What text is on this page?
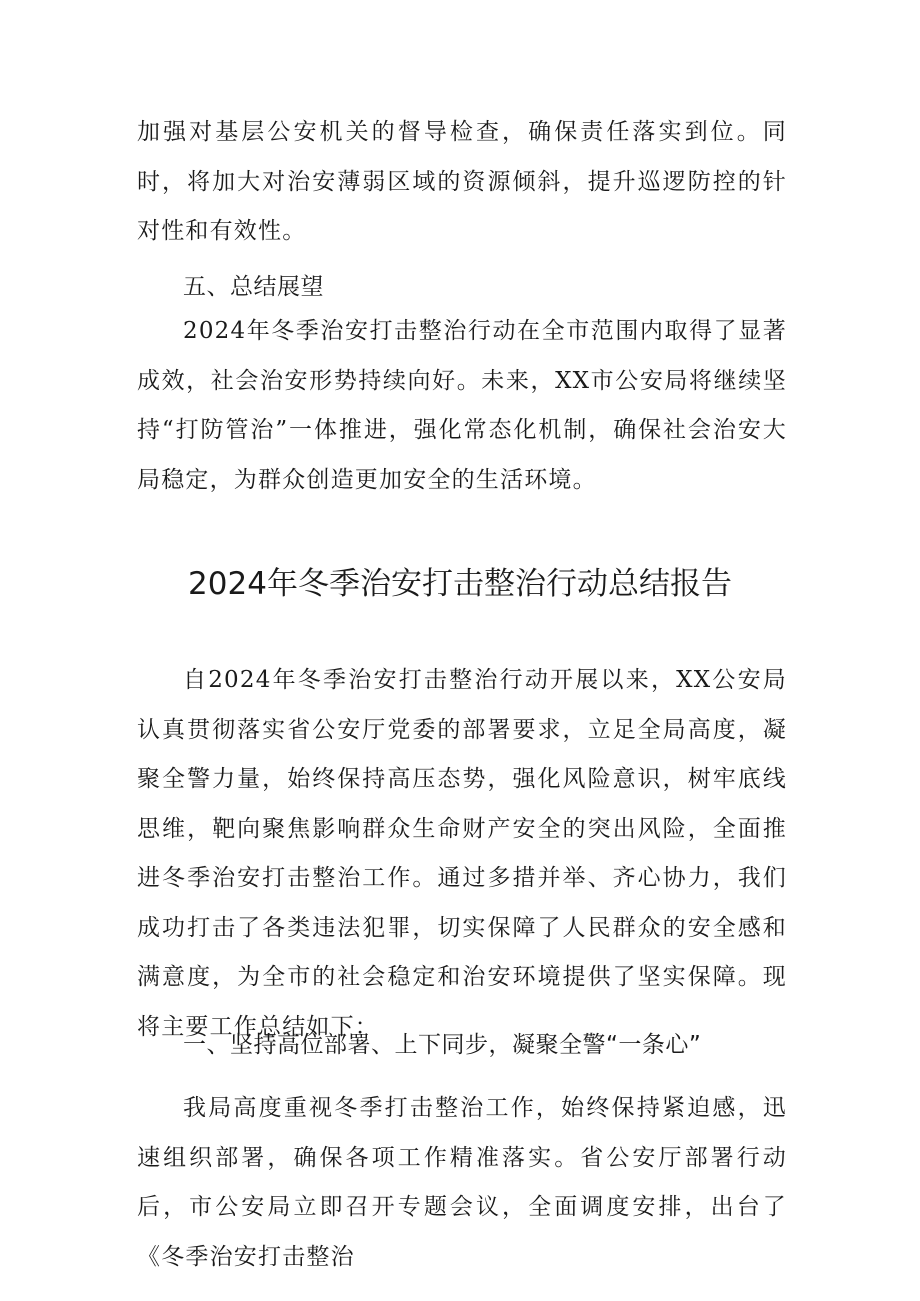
加强对基层公安机关的督导检查，确保责任落实到位。同时，将加大对治安薄弱区域的资源倾斜，提升巡逻防控的针对性和有效性。

五、总结展望

2024年冬季治安打击整治行动在全市范围内取得了显著成效，社会治安形势持续向好。未来，XX市公安局将继续坚持“打防管治”一体推进，强化常态化机制，确保社会治安大局稳定，为群众创造更加安全的生活环境。

2024年冬季治安打击整治行动总结报告

自2024年冬季治安打击整治行动开展以来，XX公安局认真贯彻落实省公安厅党委的部署要求，立足全局高度，凝聚全警力量，始终保持高压态势，强化风险意识，树牢底线思维，靶向聚焦影响群众生命财产安全的突出风险，全面推进冬季治安打击整治工作。通过多措并举、齐心协力，我们成功打击了各类违法犯罪，切实保障了人民群众的安全感和满意度，为全市的社会稳定和治安环境提供了坚实保障。现将主要工作总结如下：

一、坚持高位部署、上下同步，凝聚全警“一条心”

我局高度重视冬季打击整治工作，始终保持紧迫感，迅速组织部署，确保各项工作精准落实。省公安厅部署行动后，市公安局立即召开专题会议，全面调度安排，出台了《冬季治安打击整治
